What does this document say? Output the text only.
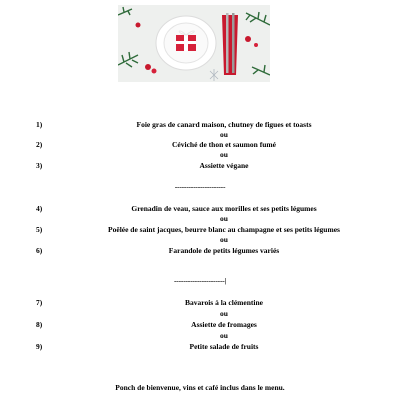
1)	Foie gras de canard maison, chutney de figues et toasts
ou
2)	Céviché de thon et saumon fumé
ou
3)	Assiette végane
----------------------
4)	Grenadin de veau, sauce aux morilles et ses petits légumes
ou
5)	Poêlée de saint jacques, beurre blanc au champagne et ses petits légumes
ou
6)	Farandole de petits légumes variés
----------------------|
7)	Bavarois à la clémentine
ou
8)	Assiette de fromages
ou
9)	Petite salade de fruits
Ponch de bienvenue, vins et café inclus dans le menu.
